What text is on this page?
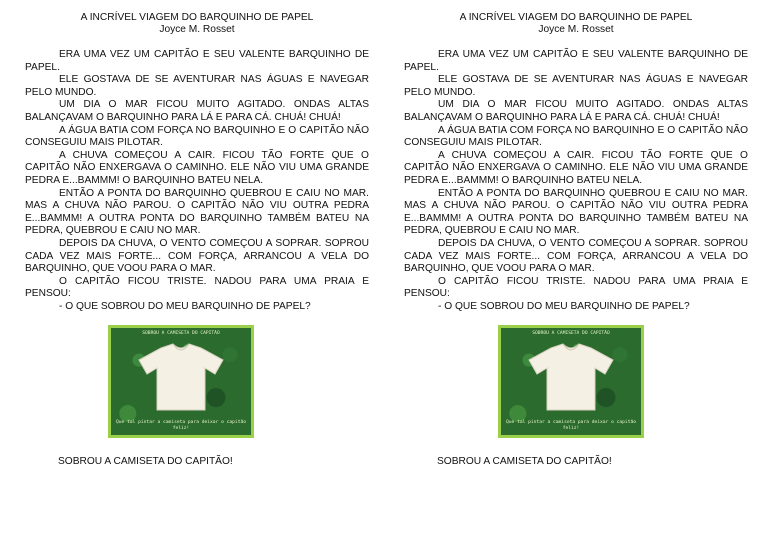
A INCRÍVEL VIAGEM DO BARQUINHO DE PAPEL
Joyce M. Rosset

ERA UMA VEZ UM CAPITÃO E SEU VALENTE BARQUINHO DE PAPEL.

ELE GOSTAVA DE SE AVENTURAR NAS ÁGUAS E NAVEGAR PELO MUNDO.

UM DIA O MAR FICOU MUITO AGITADO. ONDAS ALTAS BALANÇAVAM O BARQUINHO PARA LÁ E PARA CÁ. CHUÁ! CHUÁ!

A ÁGUA BATIA COM FORÇA NO BARQUINHO E O CAPITÃO NÃO CONSEGUIU MAIS PILOTAR.

A CHUVA COMEÇOU A CAIR. FICOU TÃO FORTE QUE O CAPITÃO NÃO ENXERGAVA O CAMINHO. ELE NÃO VIU UMA GRANDE PEDRA E...BAMMM! O BARQUINHO BATEU NELA.

ENTÃO A PONTA DO BARQUINHO QUEBROU E CAIU NO MAR. MAS A CHUVA NÃO PAROU. O CAPITÃO NÃO VIU OUTRA PEDRA E...BAMMM! A OUTRA PONTA DO BARQUINHO TAMBÉM BATEU NA PEDRA, QUEBROU E CAIU NO MAR.

DEPOIS DA CHUVA, O VENTO COMEÇOU A SOPRAR. SOPROU CADA VEZ MAIS FORTE... COM FORÇA, ARRANCOU A VELA DO BARQUINHO, QUE VOOU PARA O MAR.

O CAPITÃO FICOU TRISTE. NADOU PARA UMA PRAIA E PENSOU:

- O QUE SOBROU DO MEU BARQUINHO DE PAPEL?

SOBROU A CAMISETA DO CAPITÃO
Que tal pintar a camiseta para deixar o capitão feliz!
SOBROU A CAMISETA DO CAPITÃO!
A INCRÍVEL VIAGEM DO BARQUINHO DE PAPEL
Joyce M. Rosset

ERA UMA VEZ UM CAPITÃO E SEU VALENTE BARQUINHO DE PAPEL.

ELE GOSTAVA DE SE AVENTURAR NAS ÁGUAS E NAVEGAR PELO MUNDO.

UM DIA O MAR FICOU MUITO AGITADO. ONDAS ALTAS BALANÇAVAM O BARQUINHO PARA LÁ E PARA CÁ. CHUÁ! CHUÁ!

A ÁGUA BATIA COM FORÇA NO BARQUINHO E O CAPITÃO NÃO CONSEGUIU MAIS PILOTAR.

A CHUVA COMEÇOU A CAIR. FICOU TÃO FORTE QUE O CAPITÃO NÃO ENXERGAVA O CAMINHO. ELE NÃO VIU UMA GRANDE PEDRA E...BAMMM! O BARQUINHO BATEU NELA.

ENTÃO A PONTA DO BARQUINHO QUEBROU E CAIU NO MAR. MAS A CHUVA NÃO PAROU. O CAPITÃO NÃO VIU OUTRA PEDRA E...BAMMM! A OUTRA PONTA DO BARQUINHO TAMBÉM BATEU NA PEDRA, QUEBROU E CAIU NO MAR.

DEPOIS DA CHUVA, O VENTO COMEÇOU A SOPRAR. SOPROU CADA VEZ MAIS FORTE... COM FORÇA, ARRANCOU A VELA DO BARQUINHO, QUE VOOU PARA O MAR.

O CAPITÃO FICOU TRISTE. NADOU PARA UMA PRAIA E PENSOU:

- O QUE SOBROU DO MEU BARQUINHO DE PAPEL?

SOBROU A CAMISETA DO CAPITÃO
Que tal pintar a camiseta para deixar o capitão feliz!
SOBROU A CAMISETA DO CAPITÃO!
